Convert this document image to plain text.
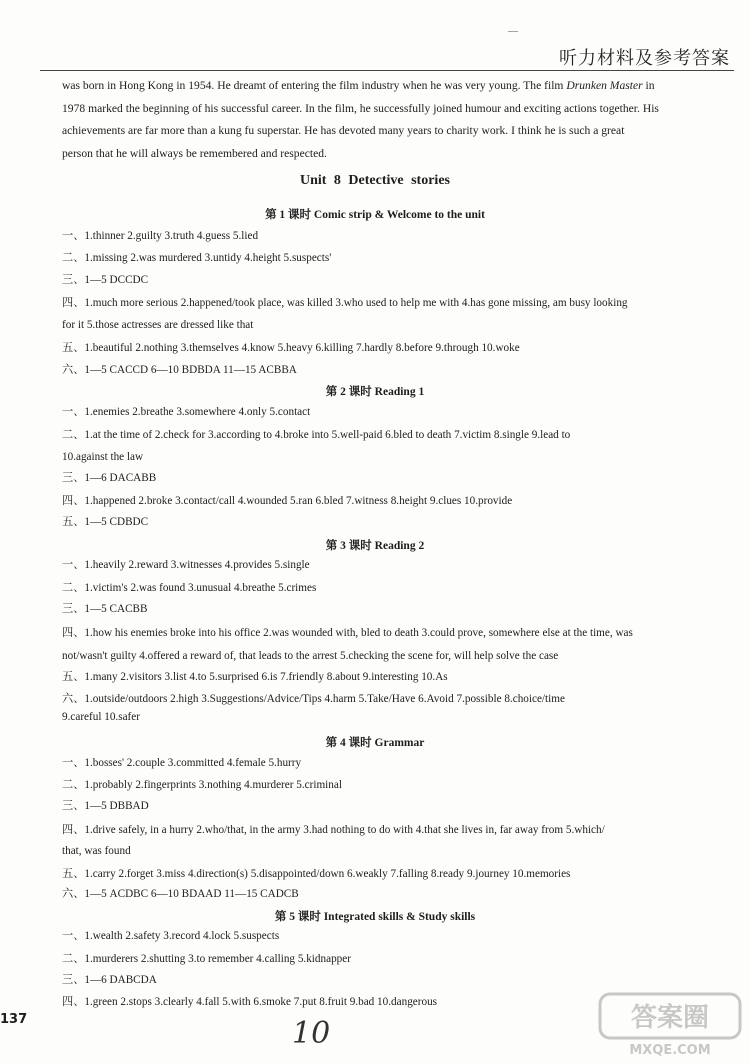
—
听力材料及参考答案
was born in Hong Kong in 1954. He dreamt of entering the film industry when he was very young. The film Drunken Master in
1978 marked the beginning of his successful career. In the film, he successfully joined humour and exciting actions together. His
achievements are far more than a kung fu superstar. He has devoted many years to charity work. I think he is such a great
person that he will always be remembered and respected.
Unit 8 Detective stories
第 1 课时 Comic strip & Welcome to the unit
一、1.thinner 2.guilty 3.truth 4.guess 5.lied
二、1.missing 2.was murdered 3.untidy 4.height 5.suspects'
三、1—5 DCCDC
四、1.much more serious 2.happened/took place, was killed 3.who used to help me with 4.has gone missing, am busy looking
for it 5.those actresses are dressed like that
五、1.beautiful 2.nothing 3.themselves 4.know 5.heavy 6.killing 7.hardly 8.before 9.through 10.woke
六、1—5 CACCD 6—10 BDBDA 11—15 ACBBA
第 2 课时 Reading 1
一、1.enemies 2.breathe 3.somewhere 4.only 5.contact
二、1.at the time of 2.check for 3.according to 4.broke into 5.well-paid 6.bled to death 7.victim 8.single 9.lead to
10.against the law
三、1—6 DACABB
四、1.happened 2.broke 3.contact/call 4.wounded 5.ran 6.bled 7.witness 8.height 9.clues 10.provide
五、1—5 CDBDC
第 3 课时 Reading 2
一、1.heavily 2.reward 3.witnesses 4.provides 5.single
二、1.victim's 2.was found 3.unusual 4.breathe 5.crimes
三、1—5 CACBB
四、1.how his enemies broke into his office 2.was wounded with, bled to death 3.could prove, somewhere else at the time, was
not/wasn't guilty 4.offered a reward of, that leads to the arrest 5.checking the scene for, will help solve the case
五、1.many 2.visitors 3.list 4.to 5.surprised 6.is 7.friendly 8.about 9.interesting 10.As
六、1.outside/outdoors 2.high 3.Suggestions/Advice/Tips 4.harm 5.Take/Have 6.Avoid 7.possible 8.choice/time
9.careful 10.safer
第 4 课时 Grammar
一、1.bosses' 2.couple 3.committed 4.female 5.hurry
二、1.probably 2.fingerprints 3.nothing 4.murderer 5.criminal
三、1—5 DBBAD
四、1.drive safely, in a hurry 2.who/that, in the army 3.had nothing to do with 4.that she lives in, far away from 5.which/
that, was found
五、1.carry 2.forget 3.miss 4.direction(s) 5.disappointed/down 6.weakly 7.falling 8.ready 9.journey 10.memories
六、1—5 ACDBC 6—10 BDAAD 11—15 CADCB
第 5 课时 Integrated skills & Study skills
一、1.wealth 2.safety 3.record 4.lock 5.suspects
二、1.murderers 2.shutting 3.to remember 4.calling 5.kidnapper
三、1—6 DABCDA
四、1.green 2.stops 3.clearly 4.fall 5.with 6.smoke 7.put 8.fruit 9.bad 10.dangerous
137	10	答案圈
MXQE.COM
